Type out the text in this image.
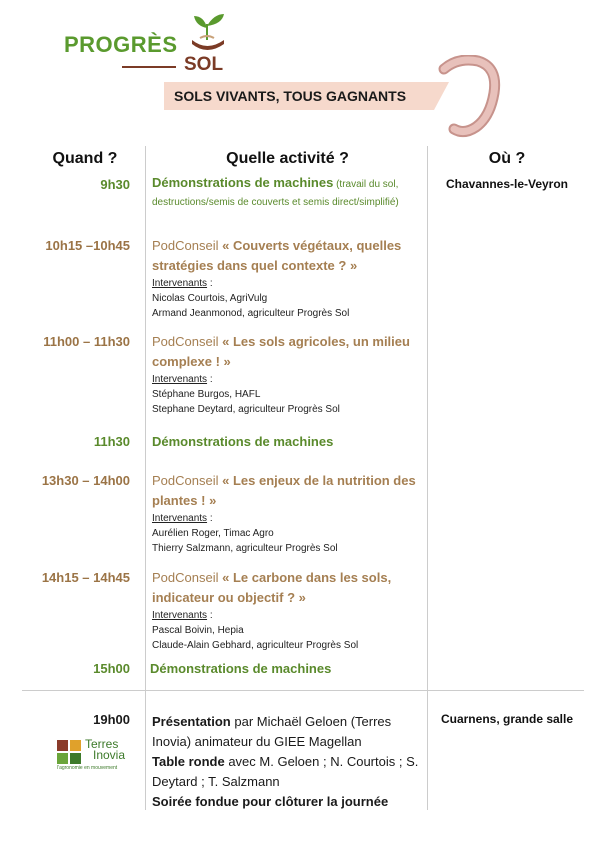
PROGRÈS
SOL
SOLS VIVANTS, TOUS GAGNANTS
Quand ?	Quelle activité ?	Où ?
Chavannes-le-Veyron
Cuarnens, grande salle
9h30 Démonstrations de machines (travail du sol, destructions/semis de couverts et semis direct/simplifié)
10h15 –10h45 PodConseil « Couverts végétaux, quelles stratégies dans quel contexte ? »
Intervenants :
Nicolas Courtois, AgriVulg
Armand Jeanmonod, agriculteur Progrès Sol
11h00 – 11h30 PodConseil « Les sols agricoles, un milieu complexe ! »
Intervenants :
Stéphane Burgos, HAFL
Stephane Deytard, agriculteur Progrès Sol
11h30 Démonstrations de machines
13h30 – 14h00 PodConseil « Les enjeux de la nutrition des plantes ! »
Intervenants :
Aurélien Roger, Timac Agro
Thierry Salzmann, agriculteur Progrès Sol
14h15 – 14h45 PodConseil « Le carbone dans les sols, indicateur ou objectif ? »
Intervenants :
Pascal Boivin, Hepia
Claude-Alain Gebhard, agriculteur Progrès Sol
15h00 Démonstrations de machines
19h00 Présentation par Michaël Geloen (Terres Inovia) animateur du GIEE Magellan
Table ronde avec M. Geloen ; N. Courtois ; S. Deytard ; T. Salzmann
Soirée fondue pour clôturer la journée
Terres
Inovia
l'agronomie en mouvement
